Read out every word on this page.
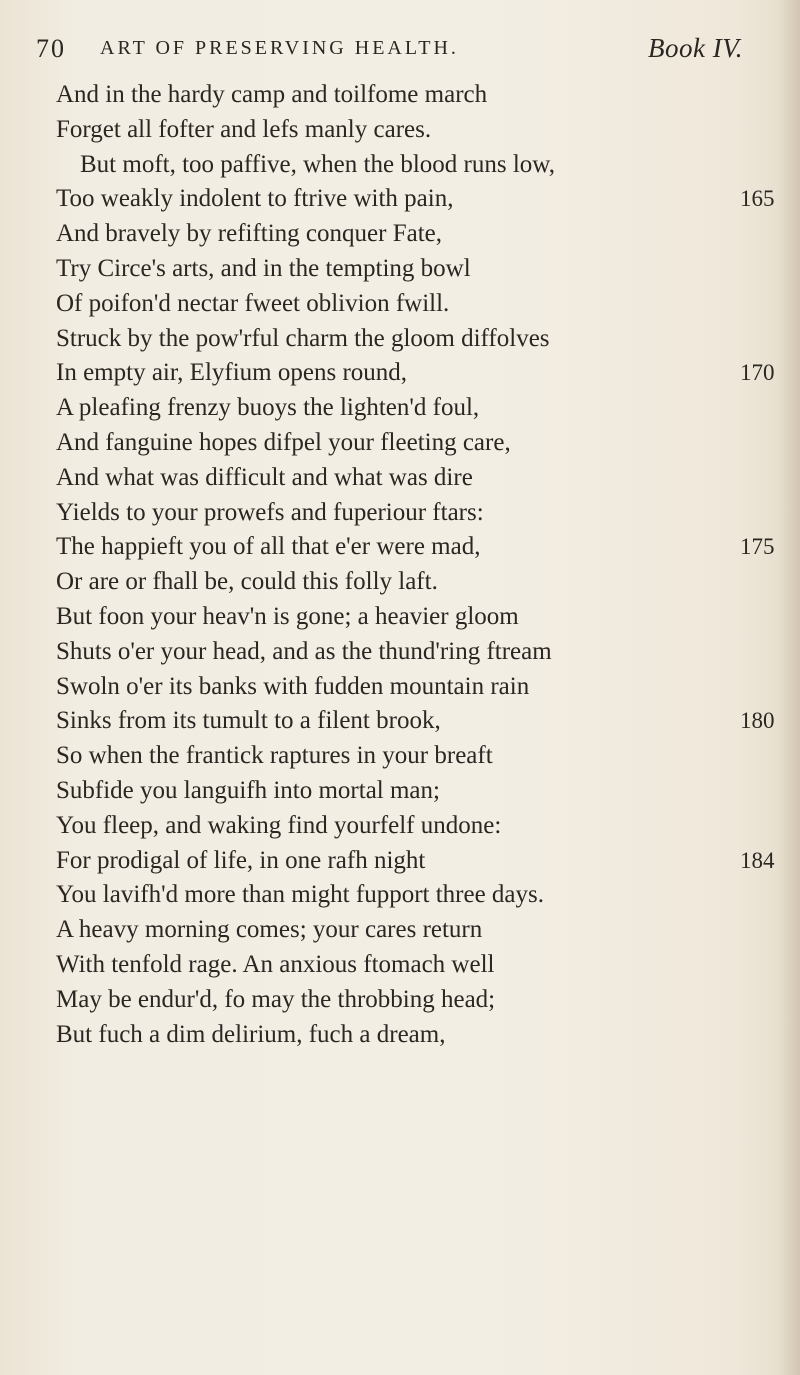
70 ART OF PRESERVING HEALTH.	Book IV.
And in the hardy camp and toilfome march
Forget all fofter and lefs manly cares.
But moft, too paffive, when the blood runs low,
Too weakly indolent to ftrive with pain,	165
And bravely by refifting conquer Fate,
Try Circe's arts, and in the tempting bowl
Of poifon'd nectar fweet oblivion fwill.
Struck by the pow'rful charm the gloom diffolves
In empty air, Elyfium opens round,	170
A pleafing frenzy buoys the lighten'd foul,
And fanguine hopes difpel your fleeting care,
And what was difficult and what was dire
Yields to your prowefs and fuperiour ftars:
The happieft you of all that e'er were mad,	175
Or are or fhall be, could this folly laft.
But foon your heav'n is gone; a heavier gloom
Shuts o'er your head, and as the thund'ring ftream
Swoln o'er its banks with fudden mountain rain
Sinks from its tumult to a filent brook,	180
So when the frantick raptures in your breaft
Subfide you languifh into mortal man;
You fleep, and waking find yourfelf undone:
For prodigal of life, in one rafh night	184
You lavifh'd more than might fupport three days.
A heavy morning comes; your cares return
With tenfold rage. An anxious ftomach well
May be endur'd, fo may the throbbing head;
But fuch a dim delirium, fuch a dream,
